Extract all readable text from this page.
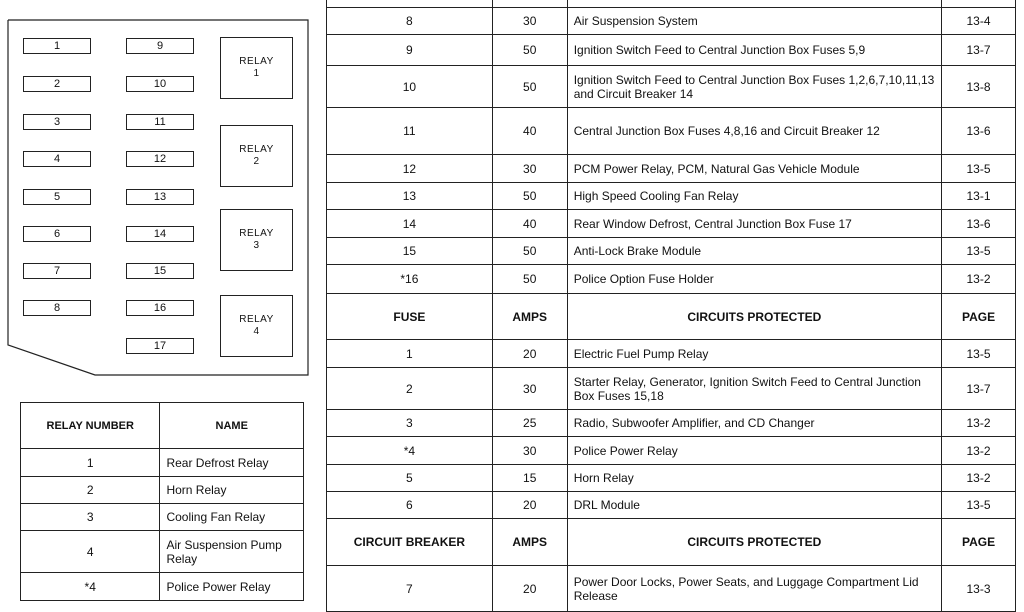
1
2
3
4
5
6
7
8
9
10
11
12
13
14
15
16
17
RELAY
1
RELAY
2
RELAY
3
RELAY
4

8	30	Air Suspension System	13-4
9	50	Ignition Switch Feed to Central Junction Box Fuses 5,9	13-7
10	50	Ignition Switch Feed to Central Junction Box Fuses 1,2,6,7,10,11,13 and Circuit Breaker 14	13-8
11	40	Central Junction Box Fuses 4,8,16 and Circuit Breaker 12	13-6
12	30	PCM Power Relay, PCM, Natural Gas Vehicle Module	13-5
13	50	High Speed Cooling Fan Relay	13-1
14	40	Rear Window Defrost, Central Junction Box Fuse 17	13-6
15	50	Anti-Lock Brake Module	13-5
*16	50	Police Option Fuse Holder	13-2
FUSE	AMPS	CIRCUITS PROTECTED	PAGE
1	20	Electric Fuel Pump Relay	13-5
2	30	Starter Relay, Generator, Ignition Switch Feed to Central Junction Box Fuses 15,18	13-7
3	25	Radio, Subwoofer Amplifier, and CD Changer	13-2
*4	30	Police Power Relay	13-2
5	15	Horn Relay	13-2
6	20	DRL Module	13-5
CIRCUIT BREAKER	AMPS	CIRCUITS PROTECTED	PAGE
7	20	Power Door Locks, Power Seats, and Luggage Compartment Lid Release	13-3
RELAY NUMBER	NAME
1	Rear Defrost Relay
2	Horn Relay
3	Cooling Fan Relay
4	Air Suspension Pump Relay
*4	Police Power Relay
